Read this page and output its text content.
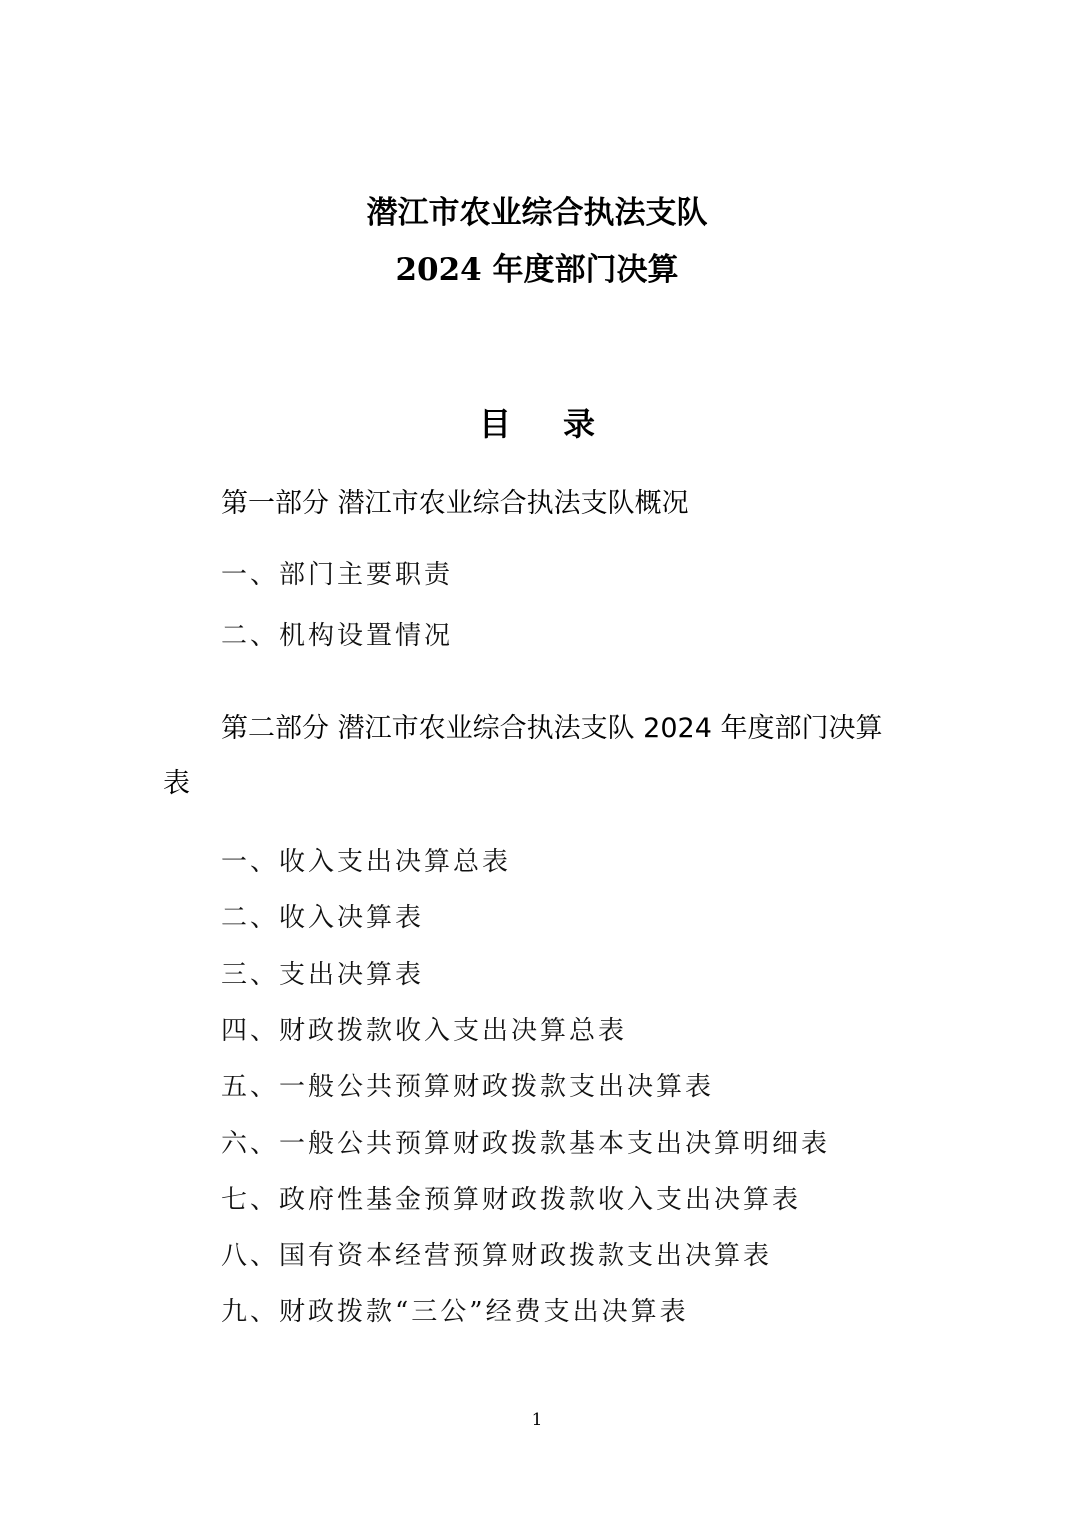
潜江市农业综合执法支队
2024 年度部门决算
目录
第一部分 潜江市农业综合执法支队概况
一、部门主要职责
二、机构设置情况
第二部分 潜江市农业综合执法支队 2024 年度部门决算
表
一、收入支出决算总表
二、收入决算表
三、支出决算表
四、财政拨款收入支出决算总表
五、一般公共预算财政拨款支出决算表
六、一般公共预算财政拨款基本支出决算明细表
七、政府性基金预算财政拨款收入支出决算表
八、国有资本经营预算财政拨款支出决算表
九、财政拨款“三公”经费支出决算表
1
